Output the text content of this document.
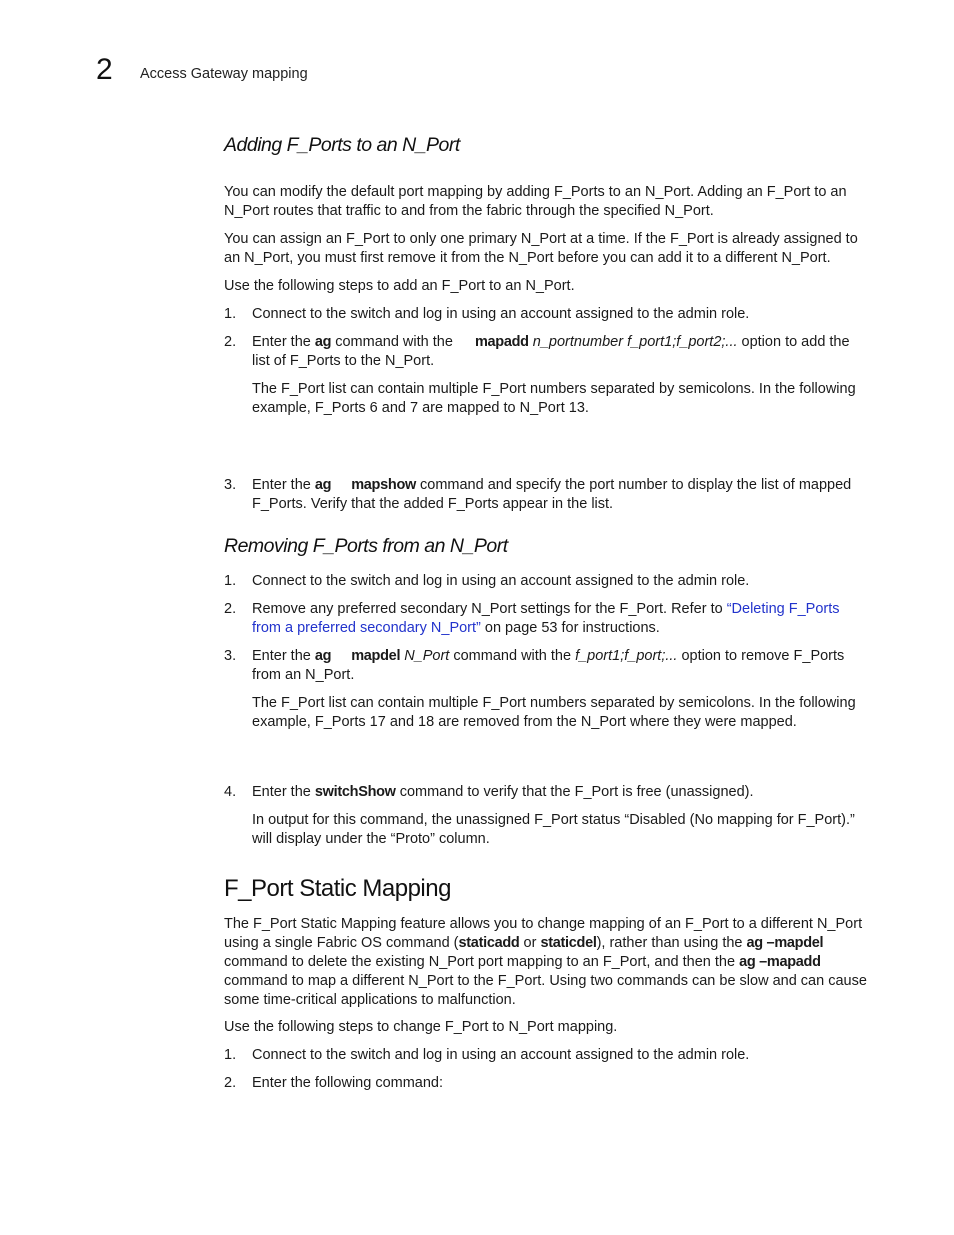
2 Access Gateway mapping
Adding F_Ports to an N_Port
You can modify the default port mapping by adding F_Ports to an N_Port. Adding an F_Port to an N_Port routes that traffic to and from the fabric through the specified N_Port.
You can assign an F_Port to only one primary N_Port at a time. If the F_Port is already assigned to an N_Port, you must first remove it from the N_Port before you can add it to a different N_Port.
Use the following steps to add an F_Port to an N_Port.
1.	Connect to the switch and log in using an account assigned to the admin role.
2.	Enter the ag command with the mapadd n_portnumber f_port1;f_port2;... option to add the list of F_Ports to the N_Port.
The F_Port list can contain multiple F_Port numbers separated by semicolons. In the following example, F_Ports 6 and 7 are mapped to N_Port 13.
3.	Enter the ag mapshow command and specify the port number to display the list of mapped F_Ports. Verify that the added F_Ports appear in the list.
Removing F_Ports from an N_Port
1.	Connect to the switch and log in using an account assigned to the admin role.
2.	Remove any preferred secondary N_Port settings for the F_Port. Refer to “Deleting F_Ports from a preferred secondary N_Port” on page 53 for instructions.
3.	Enter the ag mapdel N_Port command with the f_port1;f_port;... option to remove F_Ports from an N_Port.
The F_Port list can contain multiple F_Port numbers separated by semicolons. In the following example, F_Ports 17 and 18 are removed from the N_Port where they were mapped.
4.	Enter the switchShow command to verify that the F_Port is free (unassigned).
In output for this command, the unassigned F_Port status “Disabled (No mapping for F_Port).” will display under the “Proto” column.
F_Port Static Mapping
The F_Port Static Mapping feature allows you to change mapping of an F_Port to a different N_Port using a single Fabric OS command (staticadd or staticdel), rather than using the ag –mapdel command to delete the existing N_Port port mapping to an F_Port, and then the ag –mapadd command to map a different N_Port to the F_Port. Using two commands can be slow and can cause some time-critical applications to malfunction.
Use the following steps to change F_Port to N_Port mapping.
1.	Connect to the switch and log in using an account assigned to the admin role.
2.	Enter the following command:
